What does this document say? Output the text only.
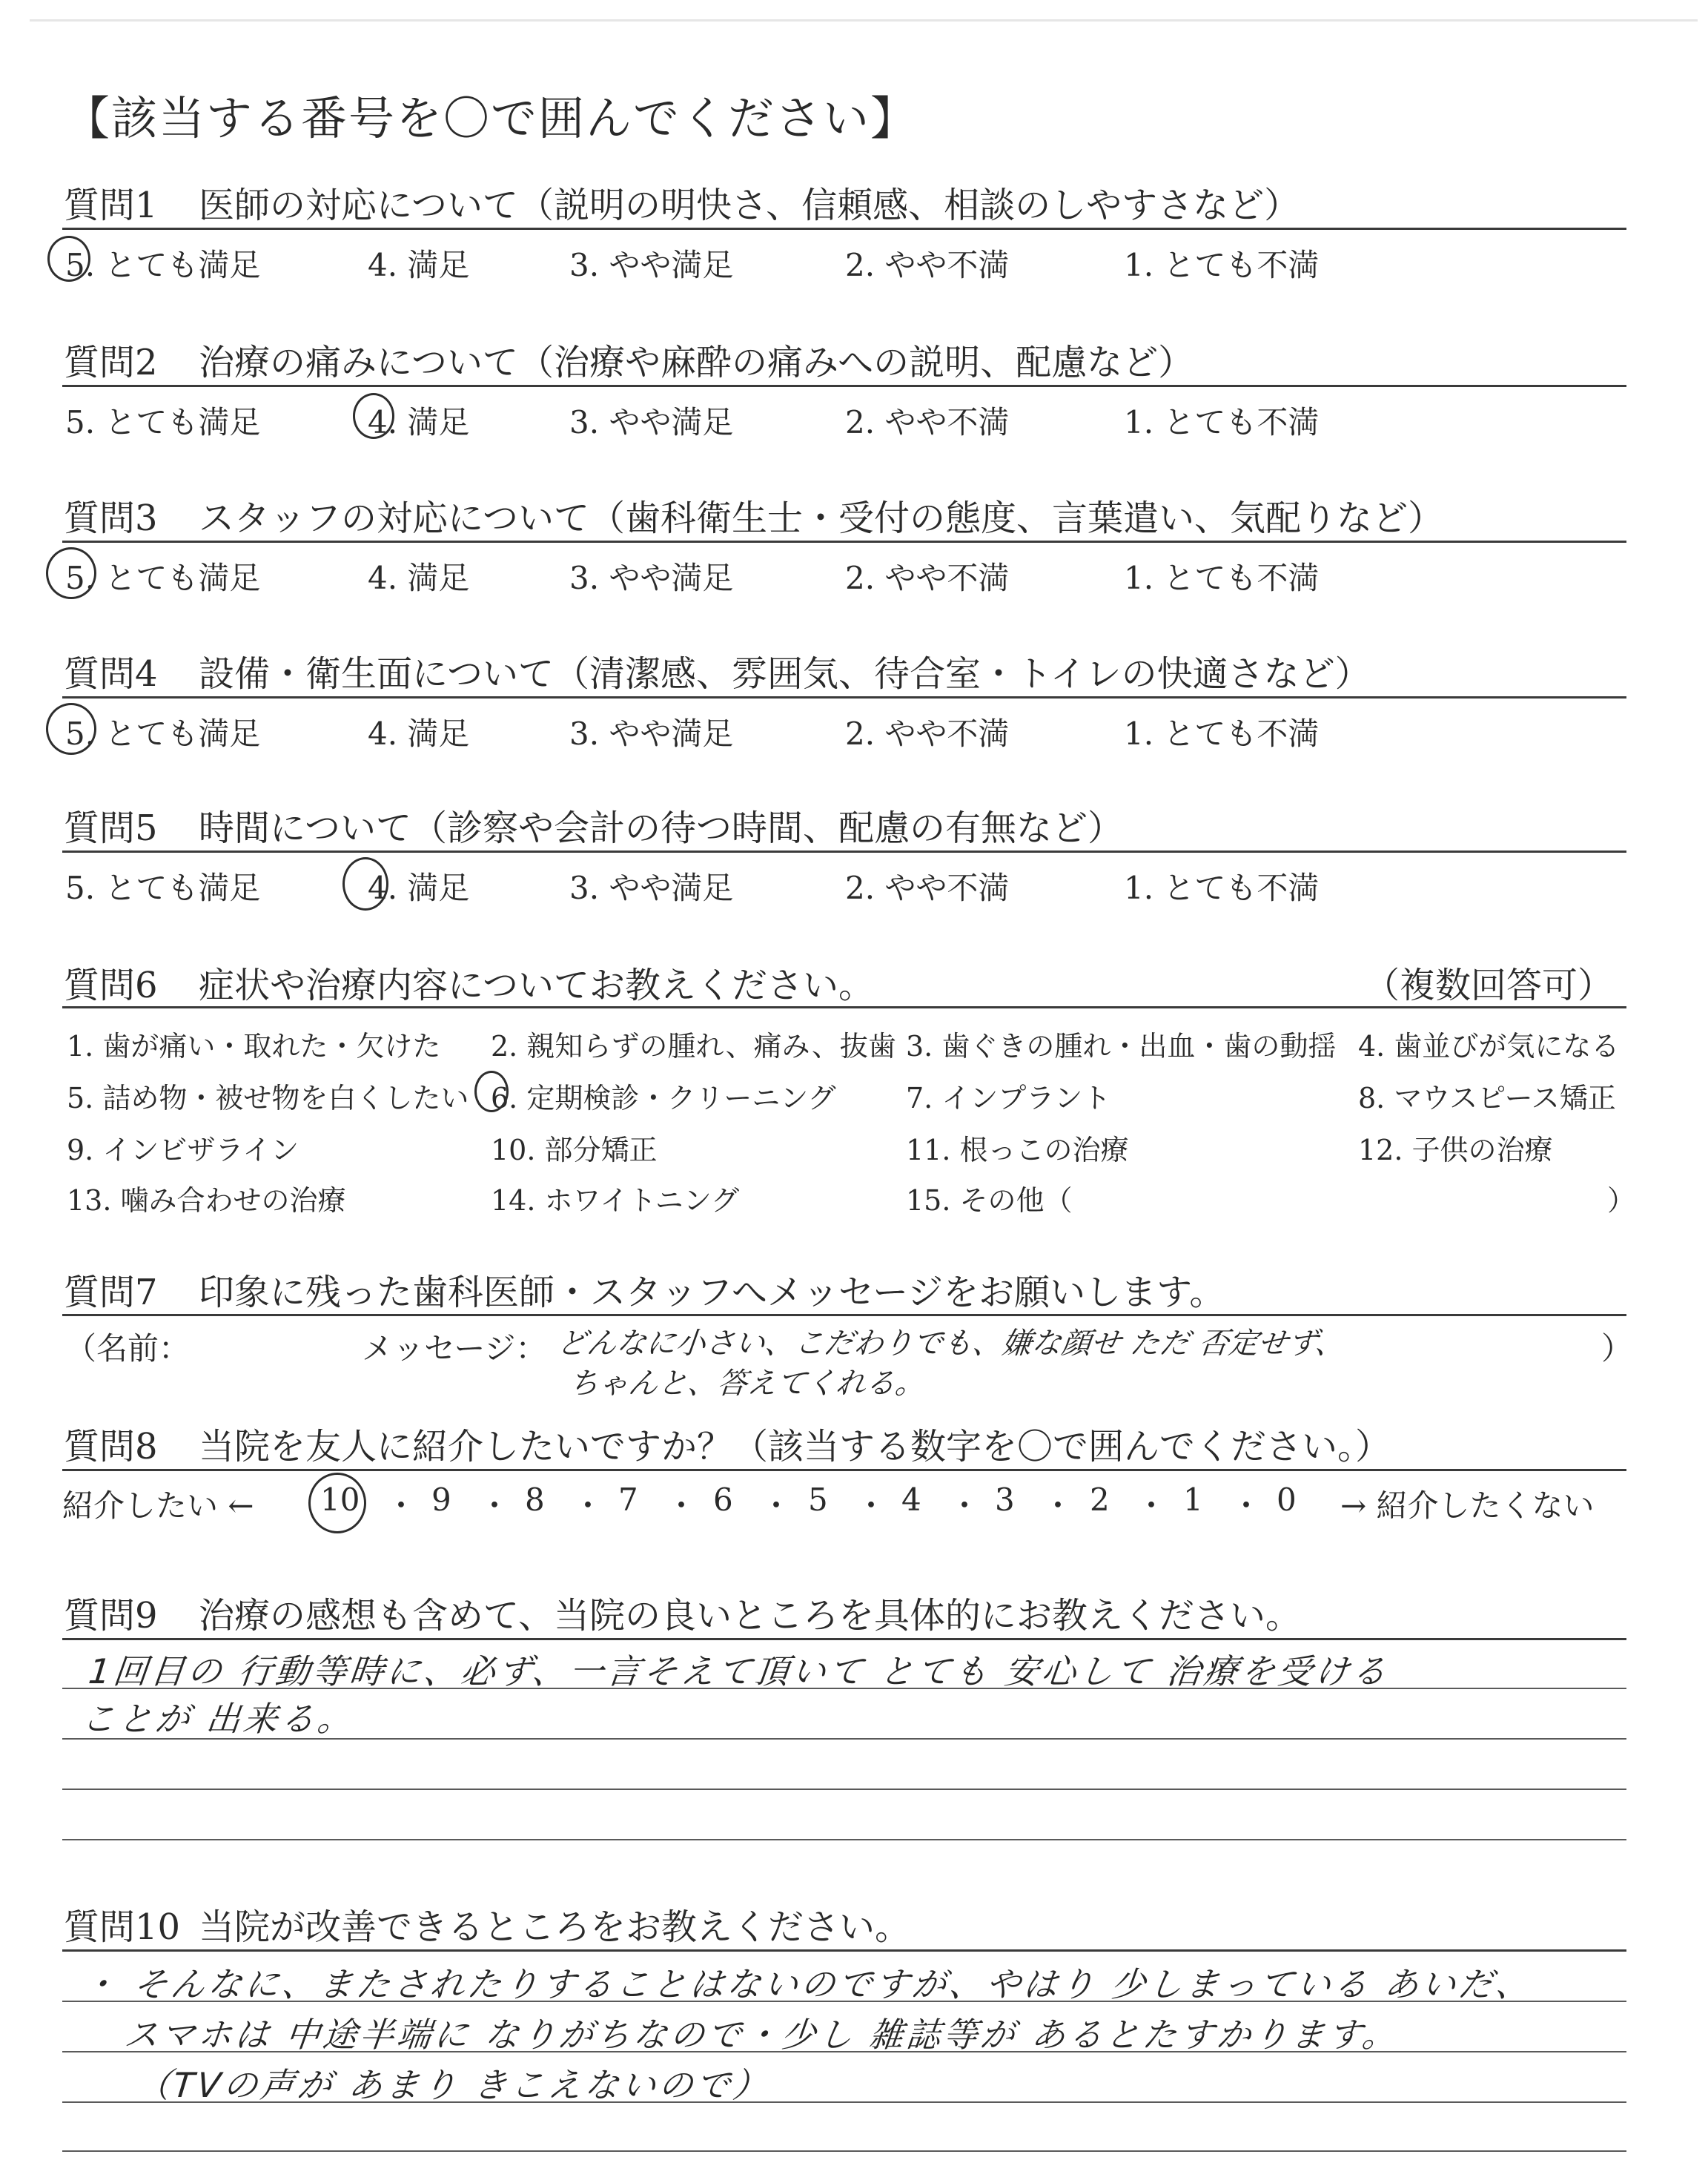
【該当する番号を〇で囲んでください】
質問1 医師の対応について（説明の明快さ、信頼感、相談のしやすさなど）
5. とても満足	4. 満足	3. やや満足	2. やや不満	1. とても不満
質問2 治療の痛みについて（治療や麻酔の痛みへの説明、配慮など）
5. とても満足	4. 満足	3. やや満足	2. やや不満	1. とても不満
質問3 スタッフの対応について（歯科衛生士・受付の態度、言葉遣い、気配りなど）
5. とても満足	4. 満足	3. やや満足	2. やや不満	1. とても不満
質問4 設備・衛生面について（清潔感、雰囲気、待合室・トイレの快適さなど）
5. とても満足	4. 満足	3. やや満足	2. やや不満	1. とても不満
質問5 時間について（診察や会計の待つ時間、配慮の有無など）
5. とても満足	4. 満足	3. やや満足	2. やや不満	1. とても不満
質問6 症状や治療内容についてお教えください。	（複数回答可）
1. 歯が痛い・取れた・欠けた 2. 親知らずの腫れ、痛み、抜歯 3. 歯ぐきの腫れ・出血・歯の動揺 4. 歯並びが気になる
5. 詰め物・被せ物を白くしたい 6. 定期検診・クリーニング 7. インプラント	8. マウスピース矯正
9. インビザライン	10. 部分矯正	11. 根っこの治療	12. 子供の治療
13. 噛み合わせの治療	14. ホワイトニング	15. その他（	）
質問7 印象に残った歯科医師・スタッフへメッセージをお願いします。
（名前：	メッセージ：	）
どんなに小さい、こだわりでも、嫌な顔せ ただ 否定せず、
ちゃんと、答えてくれる。
質問8 当院を友人に紹介したいですか？（該当する数字を〇で囲んでください。）
紹介したい ←	→ 紹介したくない
10 ・ 9 ・ 8 ・ 7 ・ 6 ・ 5 ・ 4 ・ 3 ・ 2 ・ 1 ・ 0
質問9 治療の感想も含めて、当院の良いところを具体的にお教えください。
1回目の 行動等時に、必ず、一言そえて頂いて とても 安心して 治療を受ける
ことが 出来る。
質問10 当院が改善できるところをお教えください。
・ そんなに、またされたりすることはないのですが、やはり 少しまっている あいだ、
スマホは 中途半端に なりがちなので・少し 雑誌等が あるとたすかります。
（TVの声が あまり きこえないので）
